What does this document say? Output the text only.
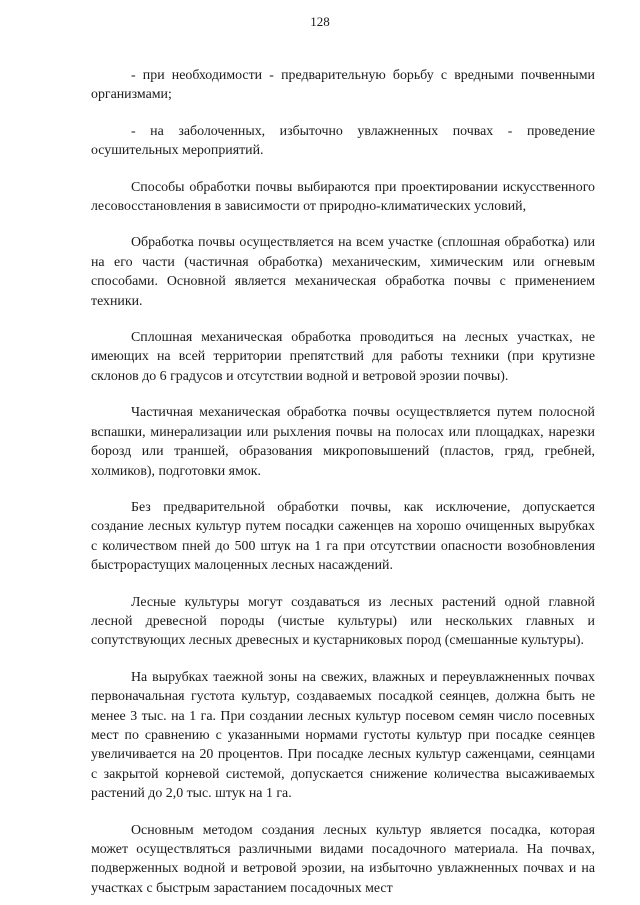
128

- при необходимости - предварительную борьбу с вредными почвенными организмами;

- на заболоченных, избыточно увлажненных почвах - проведение осушительных мероприятий.

Способы обработки почвы выбираются при проектировании искусственного лесовосстановления в зависимости от природно-климатических условий,

Обработка почвы осуществляется на всем участке (сплошная обработка) или на его части (частичная обработка) механическим, химическим или огневым способами. Основной является механическая обработка почвы с применением техники.

Сплошная механическая обработка проводиться на лесных участках, не имеющих на всей территории препятствий для работы техники (при крутизне склонов до 6 градусов и отсутствии водной и ветровой эрозии почвы).

Частичная механическая обработка почвы осуществляется путем полосной вспашки, минерализации или рыхления почвы на полосах или площадках, нарезки борозд или траншей, образования микроповышений (пластов, гряд, гребней, холмиков), подготовки ямок.

Без предварительной обработки почвы, как исключение, допускается создание лесных культур путем посадки саженцев на хорошо очищенных вырубках с количеством пней до 500 штук на 1 га при отсутствии опасности возобновления быстрорастущих малоценных лесных насаждений.

Лесные культуры могут создаваться из лесных растений одной главной лесной древесной породы (чистые культуры) или нескольких главных и сопутствующих лесных древесных и кустарниковых пород (смешанные культуры).

На вырубках таежной зоны на свежих, влажных и переувлажненных почвах первоначальная густота культур, создаваемых посадкой сеянцев, должна быть не менее 3 тыс. на 1 га. При создании лесных культур посевом семян число посевных мест по сравнению с указанными нормами густоты культур при посадке сеянцев увеличивается на 20 процентов. При посадке лесных культур саженцами, сеянцами с закрытой корневой системой, допускается снижение количества высаживаемых растений до 2,0 тыс. штук на 1 га.

Основным методом создания лесных культур является посадка, которая может осуществляться различными видами посадочного материала. На почвах, подверженных водной и ветровой эрозии, на избыточно увлажненных почвах и на участках с быстрым зарастанием посадочных мест
